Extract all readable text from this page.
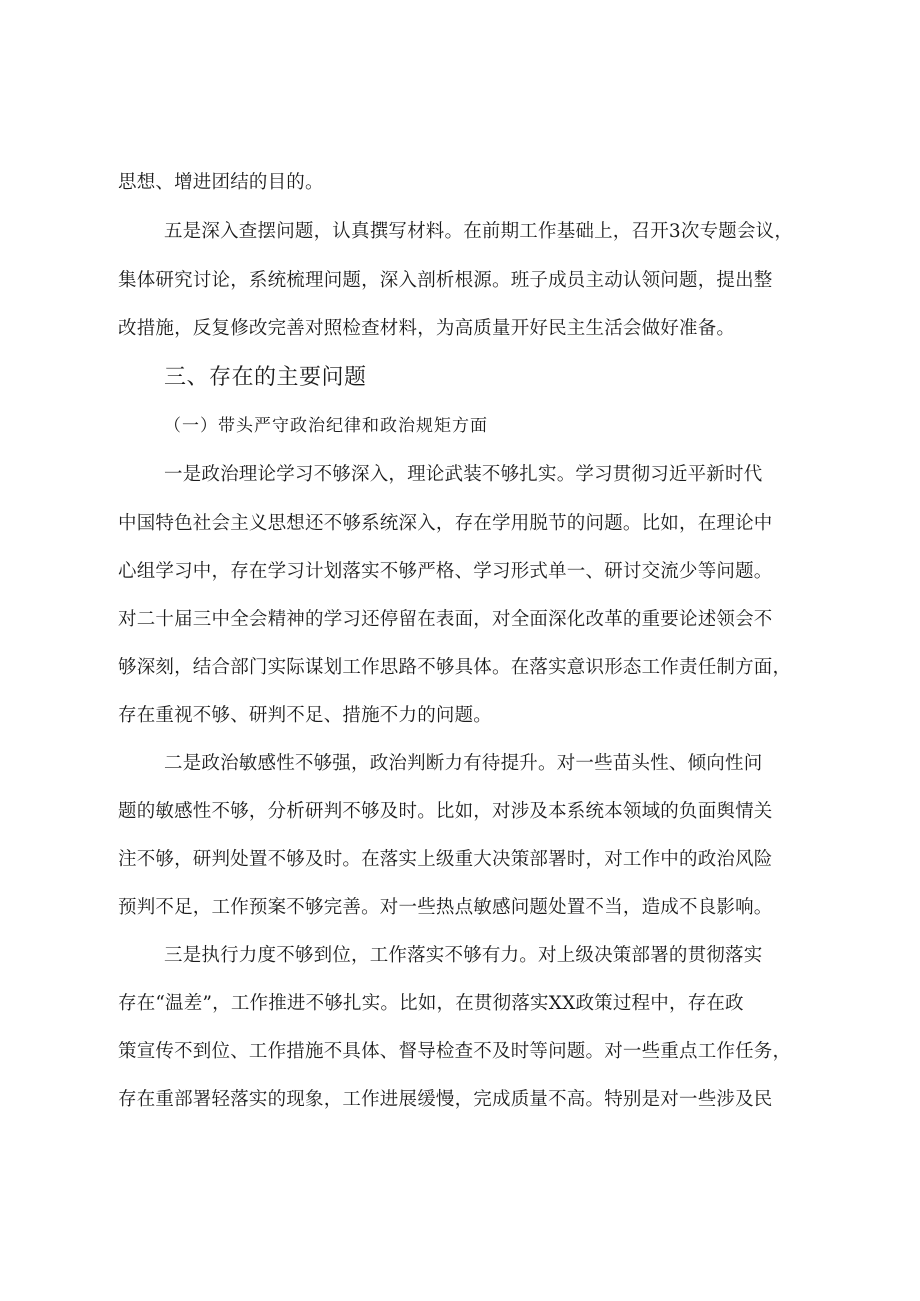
思想、增进团结的目的。
五是深入查摆问题，认真撰写材料。在前期工作基础上，召开3次专题会议，
集体研究讨论，系统梳理问题，深入剖析根源。班子成员主动认领问题，提出整
改措施，反复修改完善对照检查材料，为高质量开好民主生活会做好准备。
三、存在的主要问题
（一）带头严守政治纪律和政治规矩方面
一是政治理论学习不够深入，理论武装不够扎实。学习贯彻习近平新时代
中国特色社会主义思想还不够系统深入，存在学用脱节的问题。比如，在理论中
心组学习中，存在学习计划落实不够严格、学习形式单一、研讨交流少等问题。
对二十届三中全会精神的学习还停留在表面，对全面深化改革的重要论述领会不
够深刻，结合部门实际谋划工作思路不够具体。在落实意识形态工作责任制方面，
存在重视不够、研判不足、措施不力的问题。
二是政治敏感性不够强，政治判断力有待提升。对一些苗头性、倾向性问
题的敏感性不够，分析研判不够及时。比如，对涉及本系统本领域的负面舆情关
注不够，研判处置不够及时。在落实上级重大决策部署时，对工作中的政治风险
预判不足，工作预案不够完善。对一些热点敏感问题处置不当，造成不良影响。
三是执行力度不够到位，工作落实不够有力。对上级决策部署的贯彻落实
存在“温差”，工作推进不够扎实。比如，在贯彻落实XX政策过程中，存在政
策宣传不到位、工作措施不具体、督导检查不及时等问题。对一些重点工作任务，
存在重部署轻落实的现象，工作进展缓慢，完成质量不高。特别是对一些涉及民
